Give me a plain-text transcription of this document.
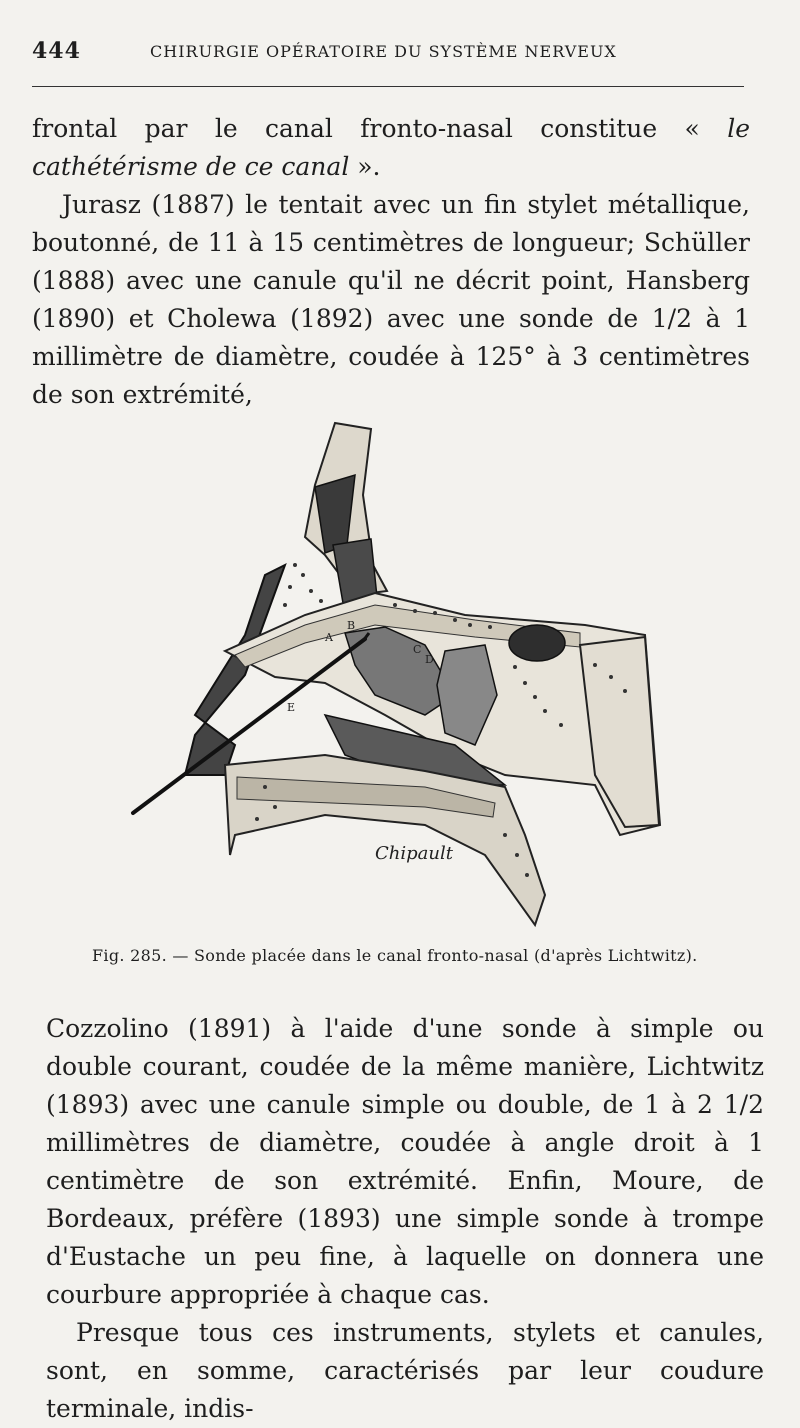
444	CHIRURGIE OPÉRATOIRE DU SYSTÈME NERVEUX

frontal par le canal fronto-nasal constitue « le cathétérisme de ce canal ».

Jurasz (1887) le tentait avec un fin stylet métallique, boutonné, de 11 à 15 centimètres de longueur; Schüller (1888) avec une canule qu'il ne décrit point, Hansberg (1890) et Cholewa (1892) avec une sonde de 1/2 à 1 millimètre de diamètre, coudée à 125° à 3 centimètres de son extrémité,

A
B
C
D
E
Chipault
Fig. 285. — Sonde placée dans le canal fronto-nasal (d'après Lichtwitz).

Cozzolino (1891) à l'aide d'une sonde à simple ou double courant, coudée de la même manière, Lichtwitz (1893) avec une canule simple ou double, de 1 à 2 1/2 millimètres de diamètre, coudée à angle droit à 1 centimètre de son extrémité. Enfin, Moure, de Bordeaux, préfère (1893) une simple sonde à trompe d'Eustache un peu fine, à laquelle on donnera une courbure appropriée à chaque cas.

Presque tous ces instruments, stylets et canules, sont, en somme, caractérisés par leur coudure terminale, indis-
